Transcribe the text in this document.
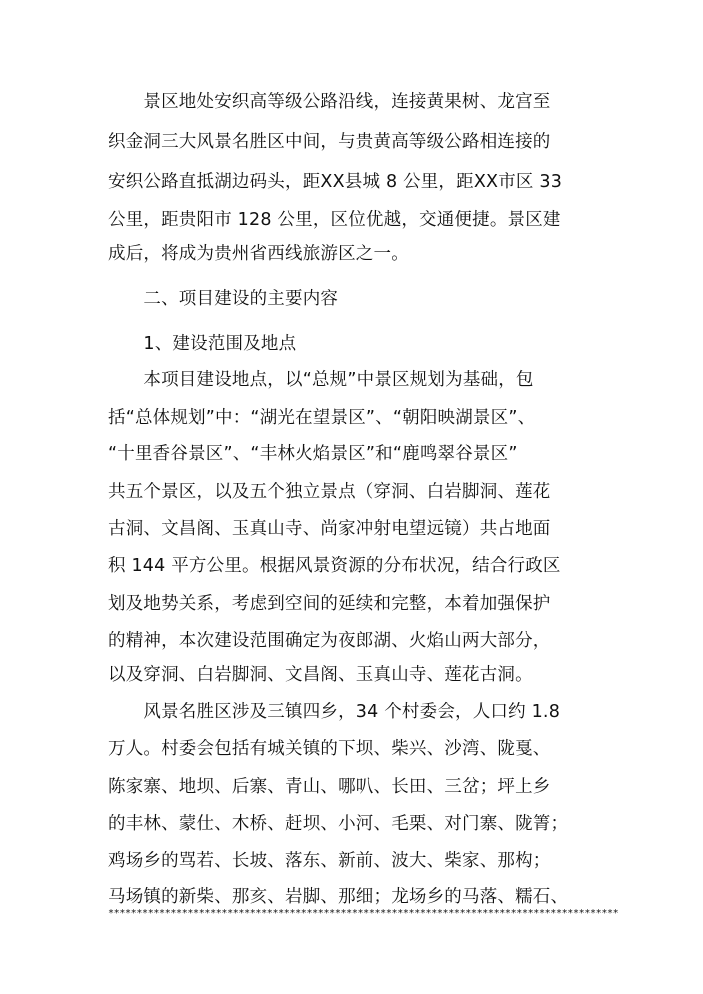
　　景区地处安织高等级公路沿线，连接黄果树、龙宫至
织金洞三大风景名胜区中间，与贵黄高等级公路相连接的
安织公路直抵湖边码头，距XX县城 8 公里，距XX市区 33
公里，距贵阳市 128 公里，区位优越，交通便捷。景区建
成后，将成为贵州省西线旅游区之一。
　　二、项目建设的主要内容
　　1、建设范围及地点
　　本项目建设地点，以“总规”中景区规划为基础，包
括“总体规划”中：“湖光在望景区”、“朝阳映湖景区”、
“十里香谷景区”、“丰林火焰景区”和“鹿鸣翠谷景区”
共五个景区，以及五个独立景点（穿洞、白岩脚洞、莲花
古洞、文昌阁、玉真山寺、尚家冲射电望远镜）共占地面
积 144 平方公里。根据风景资源的分布状况，结合行政区
划及地势关系，考虑到空间的延续和完整，本着加强保护
的精神，本次建设范围确定为夜郎湖、火焰山两大部分，
以及穿洞、白岩脚洞、文昌阁、玉真山寺、莲花古洞。
　　风景名胜区涉及三镇四乡，34 个村委会，人口约 1.8
万人。村委会包括有城关镇的下坝、柴兴、沙湾、陇戛、
陈家寨、地坝、后寨、青山、哪叭、长田、三岔；坪上乡
的丰林、蒙仕、木桥、赶坝、小河、毛栗、对门寨、陇箐；
鸡场乡的骂若、长坡、落东、新前、波大、柴家、那构；
马场镇的新柴、那亥、岩脚、那细；龙场乡的马落、糯石、
******************************************************************************************
